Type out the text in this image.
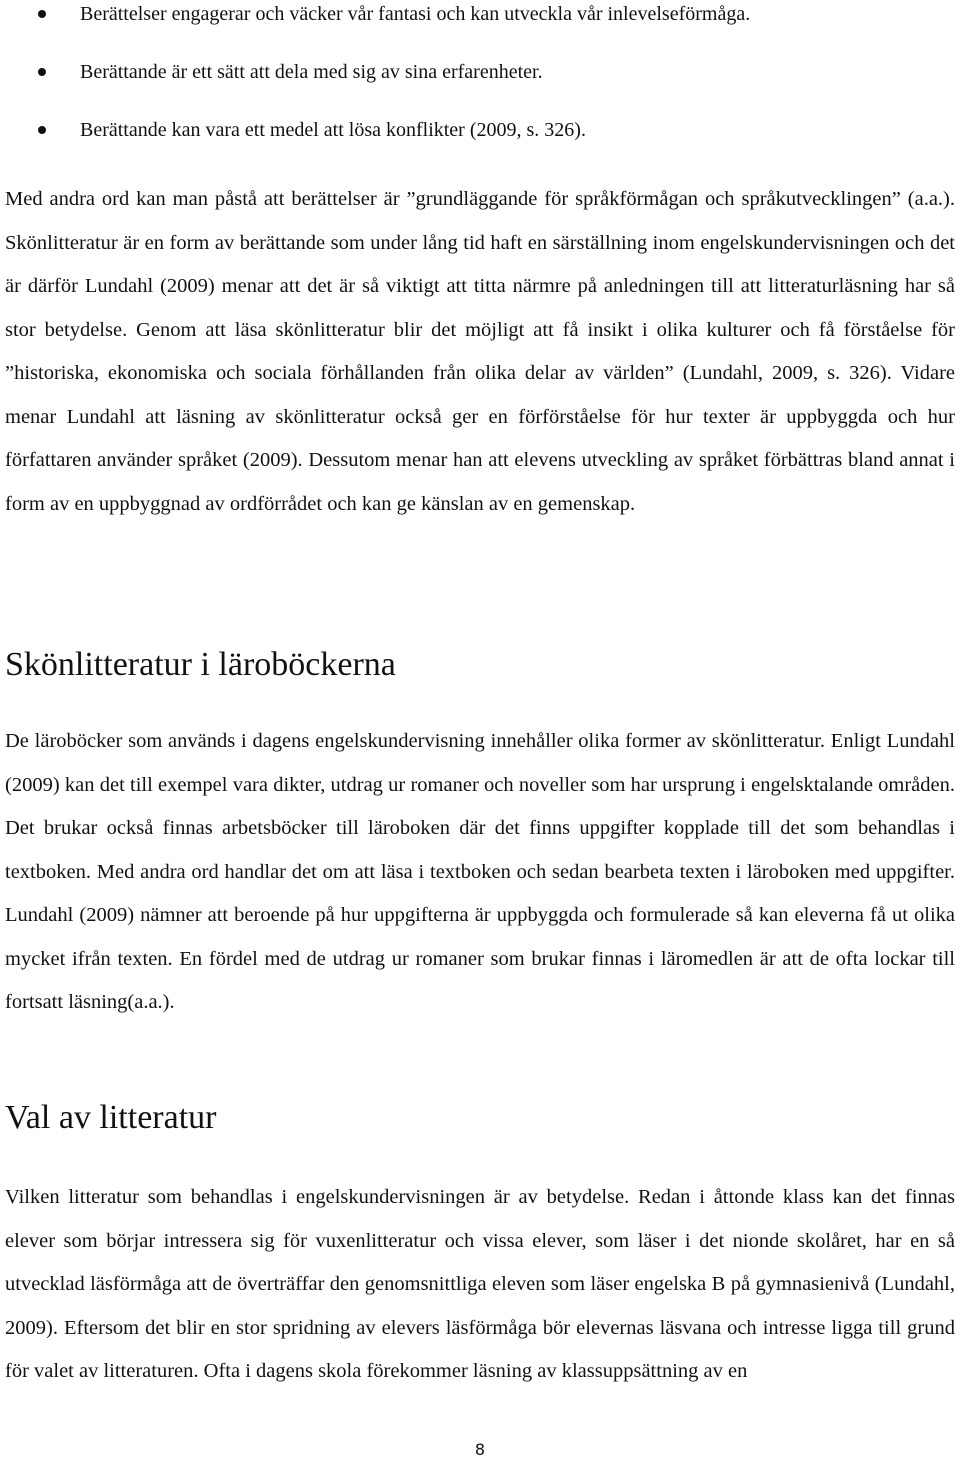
Berättelser engagerar och väcker vår fantasi och kan utveckla vår inlevelseförmåga.
Berättande är ett sätt att dela med sig av sina erfarenheter.
Berättande kan vara ett medel att lösa konflikter (2009, s. 326).

Med andra ord kan man påstå att berättelser är ”grundläggande för språkförmågan och språkutvecklingen” (a.a.). Skönlitteratur är en form av berättande som under lång tid haft en särställning inom engelskundervisningen och det är därför Lundahl (2009) menar att det är så viktigt att titta närmre på anledningen till att litteraturläsning har så stor betydelse. Genom att läsa skönlitteratur blir det möjligt att få insikt i olika kulturer och få förståelse för ”historiska, ekonomiska och sociala förhållanden från olika delar av världen” (Lundahl, 2009, s. 326). Vidare menar Lundahl att läsning av skönlitteratur också ger en förförståelse för hur texter är uppbyggda och hur författaren använder språket (2009). Dessutom menar han att elevens utveckling av språket förbättras bland annat i form av en uppbyggnad av ordförrådet och kan ge känslan av en gemenskap.

Skönlitteratur i läroböckerna

De läroböcker som används i dagens engelskundervisning innehåller olika former av skönlitteratur. Enligt Lundahl (2009) kan det till exempel vara dikter, utdrag ur romaner och noveller som har ursprung i engelsktalande områden. Det brukar också finnas arbetsböcker till läroboken där det finns uppgifter kopplade till det som behandlas i textboken. Med andra ord handlar det om att läsa i textboken och sedan bearbeta texten i läroboken med uppgifter. Lundahl (2009) nämner att beroende på hur uppgifterna är uppbyggda och formulerade så kan eleverna få ut olika mycket ifrån texten. En fördel med de utdrag ur romaner som brukar finnas i läromedlen är att de ofta lockar till fortsatt läsning(a.a.).

Val av litteratur

Vilken litteratur som behandlas i engelskundervisningen är av betydelse. Redan i åttonde klass kan det finnas elever som börjar intressera sig för vuxenlitteratur och vissa elever, som läser i det nionde skolåret, har en så utvecklad läsförmåga att de överträffar den genomsnittliga eleven som läser engelska B på gymnasienivå (Lundahl, 2009). Eftersom det blir en stor spridning av elevers läsförmåga bör elevernas läsvana och intresse ligga till grund för valet av litteraturen. Ofta i dagens skola förekommer läsning av klassuppsättning av en

8
